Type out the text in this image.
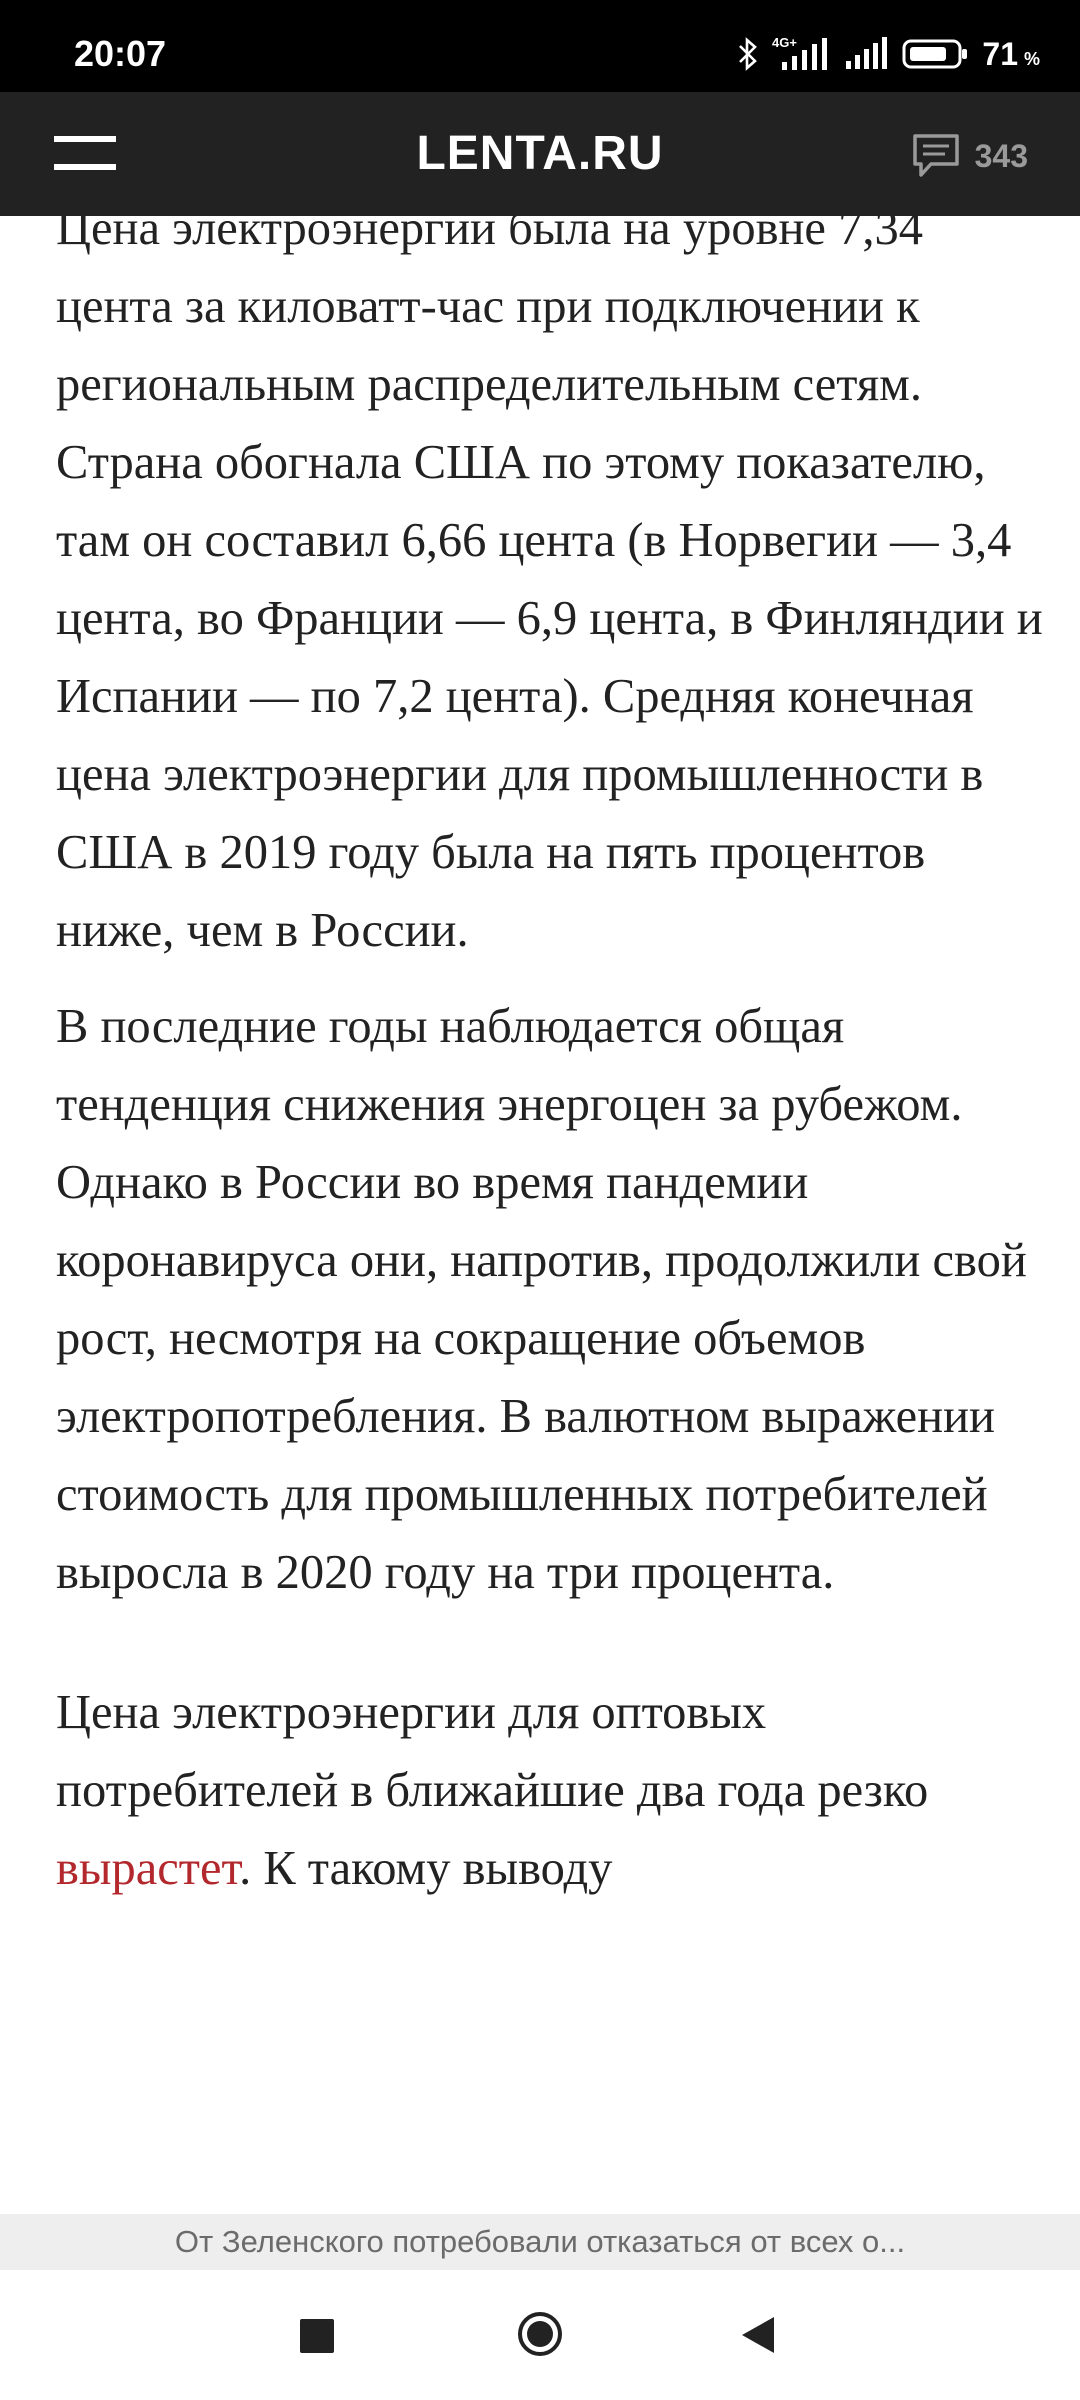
20:07	4G+	71 %
LENTA.RU	343

Цена электроэнергии была на уровне 7,34 цента за киловатт-час при подключении к региональным распределительным сетям. Страна обогнала США по этому показателю, там он составил 6,66 цента (в Норвегии — 3,4 цента, во Франции — 6,9 цента, в Финляндии и Испании — по 7,2 цента). Средняя конечная цена электроэнергии для промышленности в США в 2019 году была на пять процентов ниже, чем в России.

В последние годы наблюдается общая тенденция снижения энергоцен за рубежом. Однако в России во время пандемии коронавируса они, напротив, продолжили свой рост, несмотря на сокращение объемов электропотребления. В валютном выражении стоимость для промышленных потребителей выросла в 2020 году на три процента.

Цена электроэнергии для оптовых потребителей в ближайшие два года резко вырастет. К такому выводу

От Зеленского потребовали отказаться от всех о...
